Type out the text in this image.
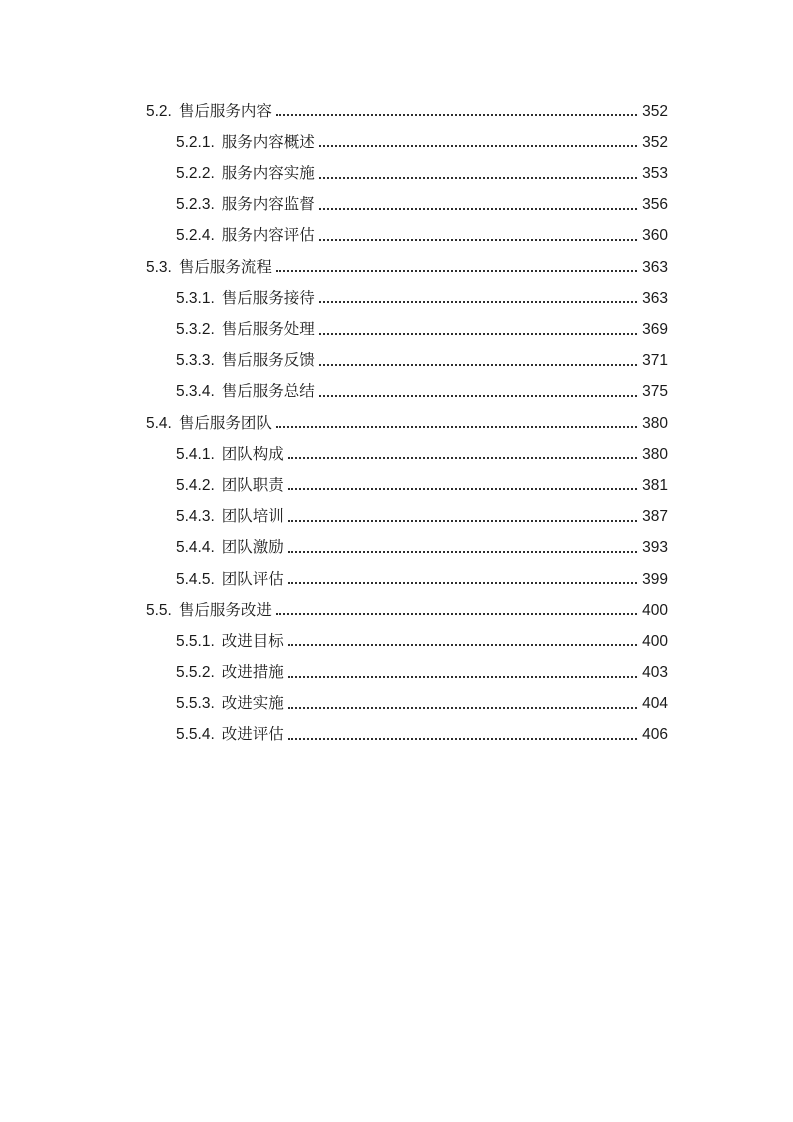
5.2. 售后服务内容	352
5.2.1. 服务内容概述	352
5.2.2. 服务内容实施	353
5.2.3. 服务内容监督	356
5.2.4. 服务内容评估	360
5.3. 售后服务流程	363
5.3.1. 售后服务接待	363
5.3.2. 售后服务处理	369
5.3.3. 售后服务反馈	371
5.3.4. 售后服务总结	375
5.4. 售后服务团队	380
5.4.1. 团队构成	380
5.4.2. 团队职责	381
5.4.3. 团队培训	387
5.4.4. 团队激励	393
5.4.5. 团队评估	399
5.5. 售后服务改进	400
5.5.1. 改进目标	400
5.5.2. 改进措施	403
5.5.3. 改进实施	404
5.5.4. 改进评估	406
